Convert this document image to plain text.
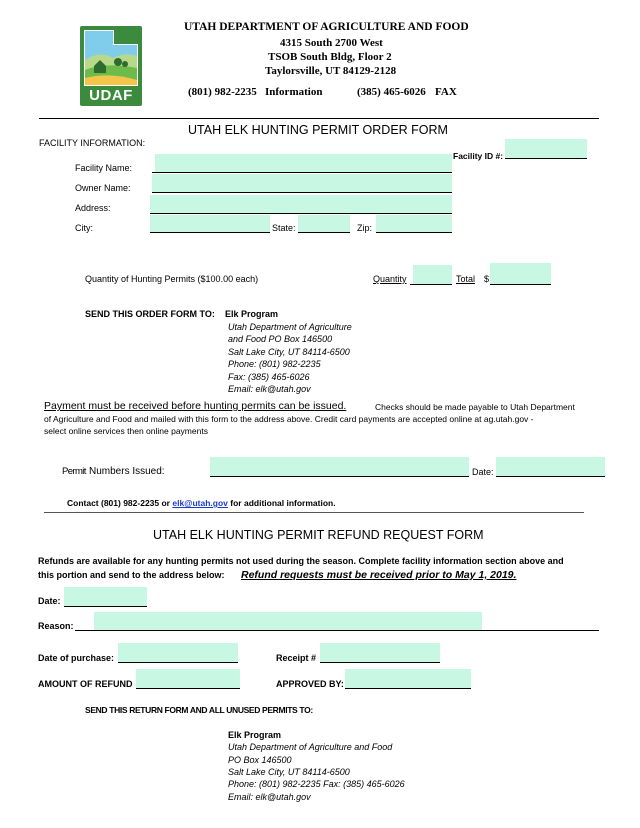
UDAF
UTAH DEPARTMENT OF AGRICULTURE AND FOOD
4315 South 2700 West
TSOB South Bldg, Floor 2
Taylorsville, UT 84129-2128
(801) 982-2235 Information	(385) 465-6026 FAX
UTAH ELK HUNTING PERMIT ORDER FORM
FACILITY INFORMATION:
Facility ID #:
Facility Name:
Owner Name:
Address:
City:	State:	Zip:
Quantity of Hunting Permits ($100.00 each)	Quantity	Total $
SEND THIS ORDER FORM TO: Elk Program
Utah Department of Agriculture
and Food PO Box 146500
Salt Lake City, UT 84114-6500
Phone: (801) 982-2235
Fax: (385) 465-6026
Email: elk@utah.gov
Payment must be received before hunting permits can be issued.	Checks should be made payable to Utah Department
of Agriculture and Food and mailed with this form to the address above. Credit card payments are accepted online at ag.utah.gov -
select online services then online payments
Permit Numbers Issued:	Date:
Contact (801) 982-2235 or elk@utah.gov for additional information.
UTAH ELK HUNTING PERMIT REFUND REQUEST FORM
Refunds are available for any hunting permits not used during the season. Complete facility information section above and
this portion and send to the address below: Refund requests must be received prior to May 1, 2019.
Date:
Reason:
Date of purchase:	Receipt #
AMOUNT OF REFUND	APPROVED BY:
SEND THIS RETURN FORM AND ALL UNUSED PERMITS TO:
Elk Program
Utah Department of Agriculture and Food
PO Box 146500
Salt Lake City, UT 84114-6500
Phone: (801) 982-2235 Fax: (385) 465-6026
Email: elk@utah.gov
